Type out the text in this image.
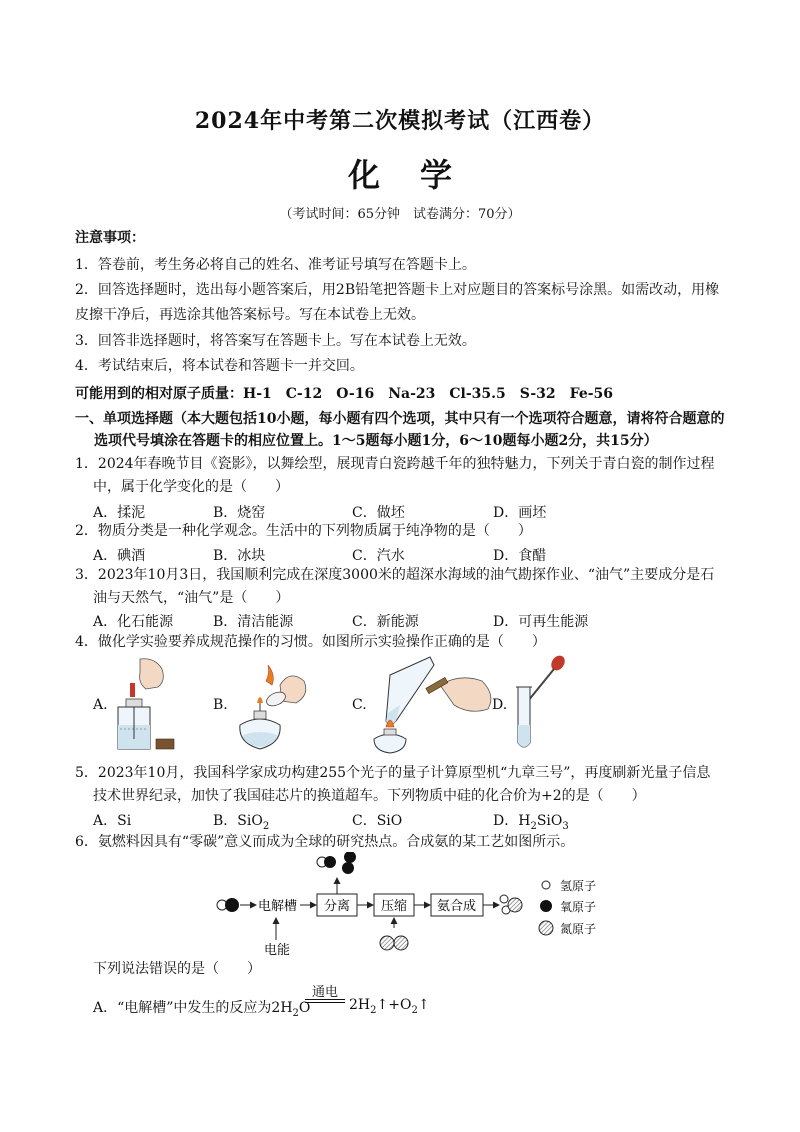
2024年中考第二次模拟考试（江西卷）
化学
（考试时间：65分钟　试卷满分：70分）
注意事项：
1．答卷前，考生务必将自己的姓名、准考证号填写在答题卡上。
2．回答选择题时，选出每小题答案后，用2B铅笔把答题卡上对应题目的答案标号涂黑。如需改动，用橡
皮擦干净后，再选涂其他答案标号。写在本试卷上无效。
3．回答非选择题时，将答案写在答题卡上。写在本试卷上无效。
4．考试结束后，将本试卷和答题卡一并交回。
可能用到的相对原子质量：H-1　C-12　O-16　Na-23　Cl-35.5　S-32　Fe-56
一、单项选择题（本大题包括10小题，每小题有四个选项，其中只有一个选项符合题意，请将符合题意的
选项代号填涂在答题卡的相应位置上。1～5题每小题1分，6～10题每小题2分，共15分）
1．2024年春晚节目《瓷影》，以舞绘型，展现青白瓷跨越千年的独特魅力，下列关于青白瓷的制作过程
中，属于化学变化的是（　　）
A．揉泥	B．烧窑	C．做坯	D．画坯
2．物质分类是一种化学观念。生活中的下列物质属于纯净物的是（　　）
A．碘酒	B．冰块	C．汽水	D．食醋
3．2023年10月3日，我国顺利完成在深度3000米的超深水海域的油气勘探作业、“油气”主要成分是石
油与天然气，“油气”是（　　）
A．化石能源	B．清洁能源	C．新能源	D．可再生能源
4．做化学实验要养成规范操作的习惯。如图所示实验操作正确的是（　　）
A.	B.	C.	D.
5．2023年10月，我国科学家成功构建255个光子的量子计算原型机“九章三号”，再度刷新光量子信息
技术世界纪录，加快了我国硅芯片的换道超车。下列物质中硅的化合价为+2的是（　　）
A．Si	B．SiO$_2$	C．SiO	D．$H_2SiO_3$
6．氨燃料因具有“零碳”意义而成为全球的研究热点。合成氨的某工艺如图所示。
电解槽
电能
分离 压缩 氨合成
氢原子
氧原子
氮原子
下列说法错误的是（　　）
A．“电解槽”中发生的反应为$2H_2O$
通电
$2H_2↑+O_2↑$
